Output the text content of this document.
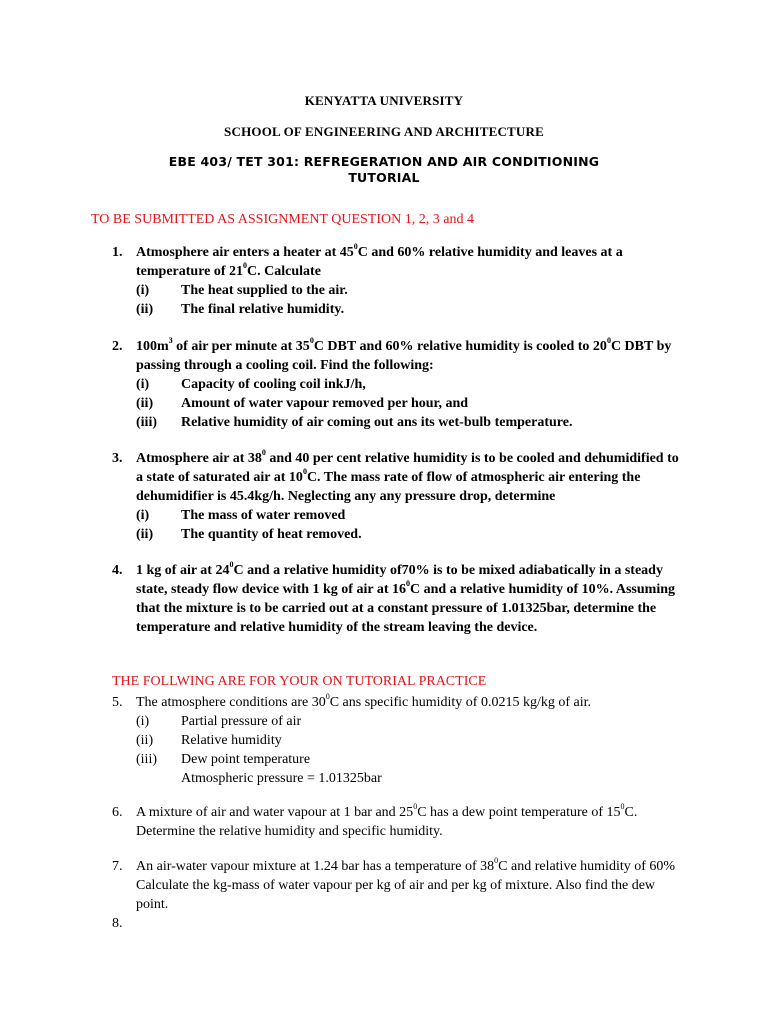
KENYATTA UNIVERSITY
SCHOOL OF ENGINEERING AND ARCHITECTURE
EBE 403/ TET 301: REFREGERATION AND AIR CONDITIONING
TUTORIAL
TO BE SUBMITTED AS ASSIGNMENT QUESTION 1, 2, 3 and 4
1. Atmosphere air enters a heater at $45^0C$ and 60% relative humidity and leaves at a
temperature of $21^0C$. Calculate
(i)	The heat supplied to the air.
(ii)	The final relative humidity.
2. $100m^3$ of air per minute at $35^0C$ DBT and 60% relative humidity is cooled to $20^0C$ DBT by
passing through a cooling coil. Find the following:
(i)	Capacity of cooling coil inkJ/h,
(ii)	Amount of water vapour removed per hour, and
(iii)	Relative humidity of air coming out ans its wet-bulb temperature.
3. Atmosphere air at $38^0$ and 40 per cent relative humidity is to be cooled and dehumidified to
a state of saturated air at $10^0C$. The mass rate of flow of atmospheric air entering the
dehumidifier is 45.4kg/h. Neglecting any any pressure drop, determine
(i)	The mass of water removed
(ii)	The quantity of heat removed.
4. 1 kg of air at $24^0C$ and a relative humidity of70% is to be mixed adiabatically in a steady
state, steady flow device with 1 kg of air at $16^0C$ and a relative humidity of 10%. Assuming
that the mixture is to be carried out at a constant pressure of 1.01325bar, determine the
temperature and relative humidity of the stream leaving the device.
THE FOLLWING ARE FOR YOUR ON TUTORIAL PRACTICE
5. The atmosphere conditions are $30^0C$ ans specific humidity of 0.0215 kg/kg of air.
(i)	Partial pressure of air
(ii)	Relative humidity
(iii)	Dew point temperature
Atmospheric pressure = 1.01325bar
6. A mixture of air and water vapour at 1 bar and $25^0C$ has a dew point temperature of $15^0C$.
Determine the relative humidity and specific humidity.
7. An air-water vapour mixture at 1.24 bar has a temperature of $38^0C$ and relative humidity of 60%
Calculate the kg-mass of water vapour per kg of air and per kg of mixture. Also find the dew
point.
8.
